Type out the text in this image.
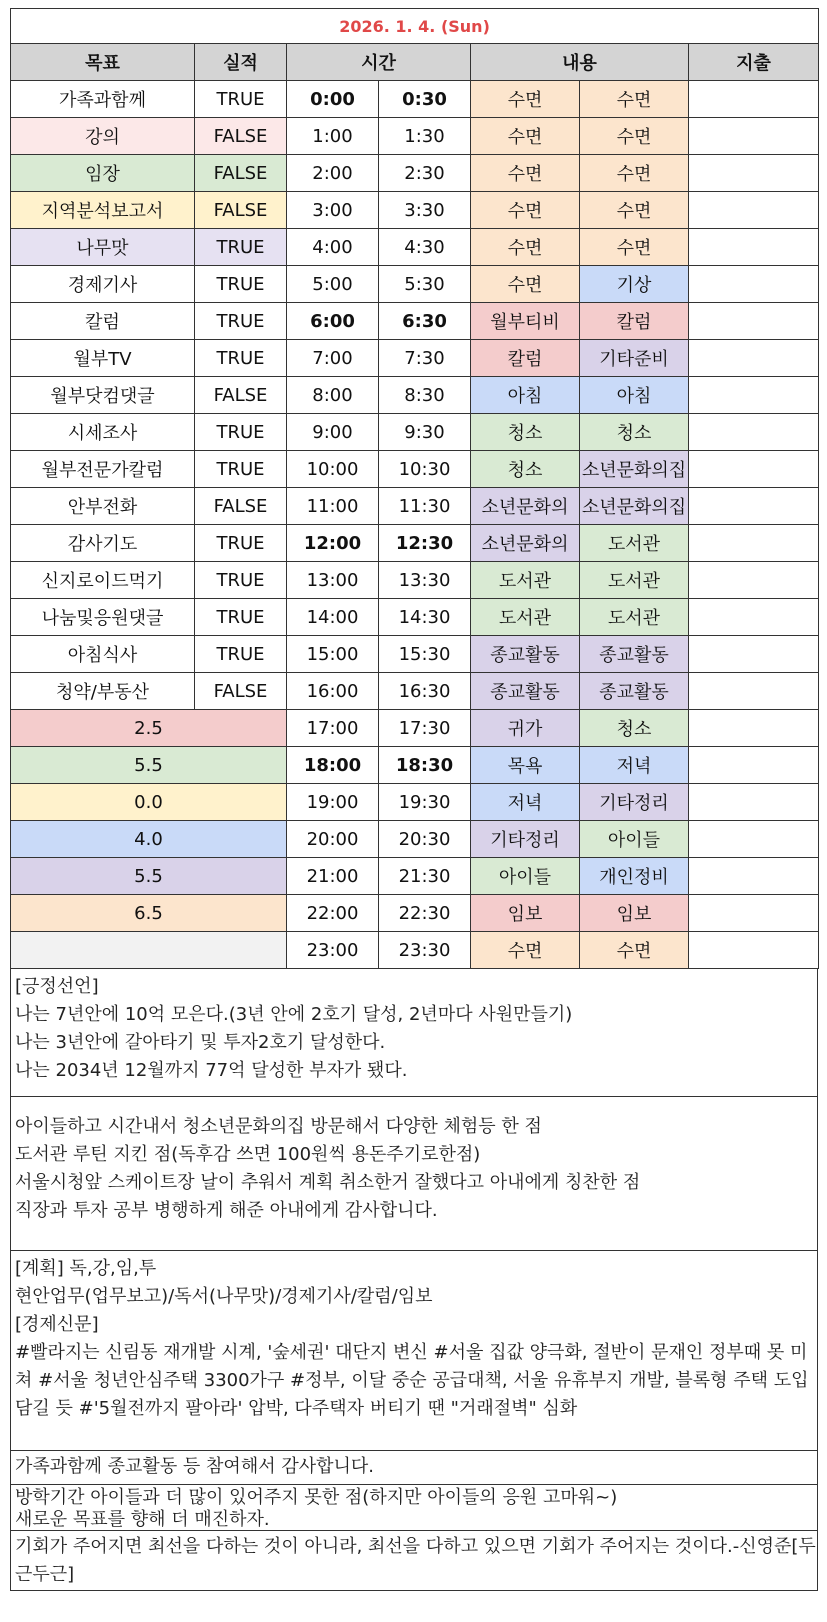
2026. 1. 4. (Sun)						
목표	실적	시간		내용		지출
가족과함께	TRUE	0:00	0:30	수면	수면	
강의	FALSE	1:00	1:30	수면	수면	
임장	FALSE	2:00	2:30	수면	수면	
지역분석보고서	FALSE	3:00	3:30	수면	수면	
나무맛	TRUE	4:00	4:30	수면	수면	
경제기사	TRUE	5:00	5:30	수면	기상	
칼럼	TRUE	6:00	6:30	월부티비	칼럼	
월부TV	TRUE	7:00	7:30	칼럼	기타준비	
월부닷컴댓글	FALSE	8:00	8:30	아침	아침	
시세조사	TRUE	9:00	9:30	청소	청소	
월부전문가칼럼	TRUE	10:00	10:30	청소	소년문화의집	
안부전화	FALSE	11:00	11:30	소년문화의	소년문화의집	
감사기도	TRUE	12:00	12:30	소년문화의	도서관	
신지로이드먹기	TRUE	13:00	13:30	도서관	도서관	
나눔및응원댓글	TRUE	14:00	14:30	도서관	도서관	
아침식사	TRUE	15:00	15:30	종교활동	종교활동	
청약/부동산	FALSE	16:00	16:30	종교활동	종교활동	
2.5		17:00	17:30	귀가	청소	
5.5		18:00	18:30	목욕	저녁	
0.0		19:00	19:30	저녁	기타정리	
4.0		20:00	20:30	기타정리	아이들	
5.5		21:00	21:30	아이들	개인정비	
6.5		22:00	22:30	임보	임보	
		23:00	23:30	수면	수면	

[긍정선언]

나는 7년안에 10억 모은다.(3년 안에 2호기 달성, 2년마다 사원만들기)

나는 3년안에 갈아타기 및 투자2호기 달성한다.

나는 2034년 12월까지 77억 달성한 부자가 됐다.

아이들하고 시간내서 청소년문화의집 방문해서 다양한 체험등 한 점

도서관 루틴 지킨 점(독후감 쓰면 100원씩 용돈주기로한점)

서울시청앞 스케이트장 날이 추워서 계획 취소한거 잘했다고 아내에게 칭찬한 점

직장과 투자 공부 병행하게 해준 아내에게 감사합니다.

[계획] 독,강,임,투

현안업무(업무보고)/독서(나무맛)/경제기사/칼럼/임보

[경제신문]

#빨라지는 신림동 재개발 시계, '숲세권' 대단지 변신 #서울 집값 양극화, 절반이 문재인 정부때 못 미쳐 #서울 청년안심주택 3300가구 #정부, 이달 중순 공급대책, 서울 유휴부지 개발, 블록형 주택 도입 담길 듯 #'5월전까지 팔아라' 압박, 다주택자 버티기 땐 "거래절벽" 심화

가족과함께 종교활동 등 참여해서 감사합니다.

방학기간 아이들과 더 많이 있어주지 못한 점(하지만 아이들의 응원 고마워~)

새로운 목표를 향해 더 매진하자.

기회가 주어지면 최선을 다하는 것이 아니라, 최선을 다하고 있으면 기회가 주어지는 것이다.-신영준[두근두근]
